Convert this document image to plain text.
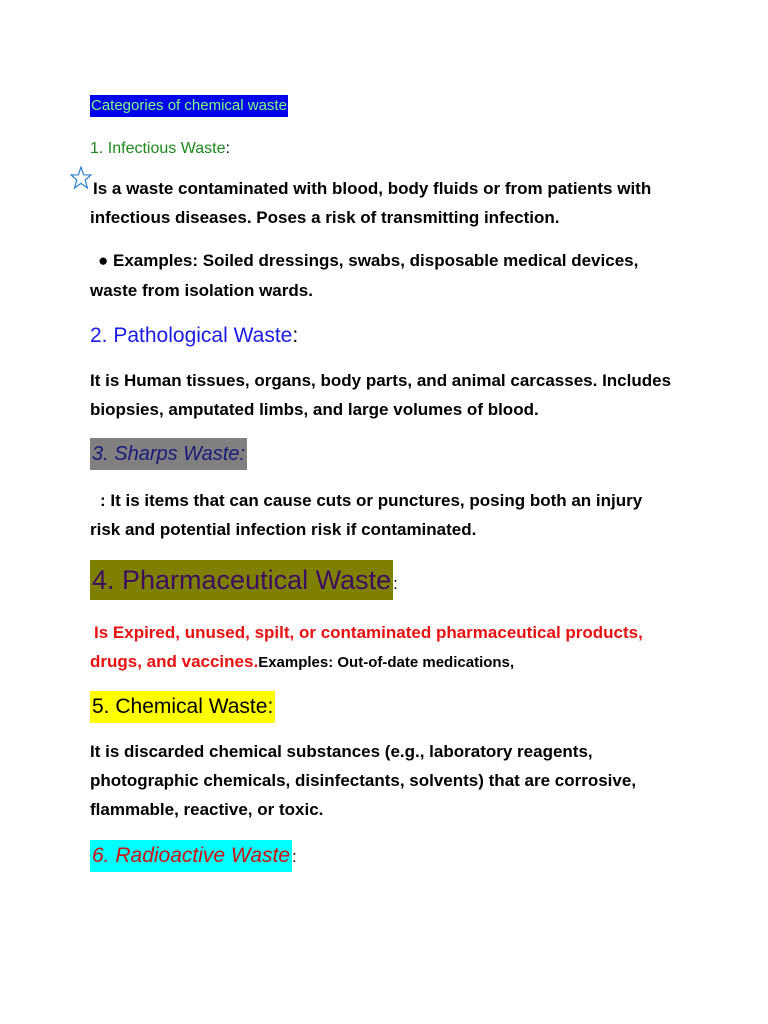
Categories of chemical waste
1. Infectious Waste:
Is a waste contaminated with blood, body fluids or from patients with
infectious diseases. Poses a risk of transmitting infection.
● Examples: Soiled dressings, swabs, disposable medical devices,
waste from isolation wards.
2. Pathological Waste:
It is Human tissues, organs, body parts, and animal carcasses. Includes
biopsies, amputated limbs, and large volumes of blood.
3. Sharps Waste:
: It is items that can cause cuts or punctures, posing both an injury
risk and potential infection risk if contaminated.
4. Pharmaceutical Waste :
Is Expired, unused, spilt, or contaminated pharmaceutical products,
drugs, and vaccines.Examples: Out-of-date medications,
5. Chemical Waste:
It is discarded chemical substances (e.g., laboratory reagents,
photographic chemicals, disinfectants, solvents) that are corrosive,
flammable, reactive, or toxic.
6. Radioactive Waste :
